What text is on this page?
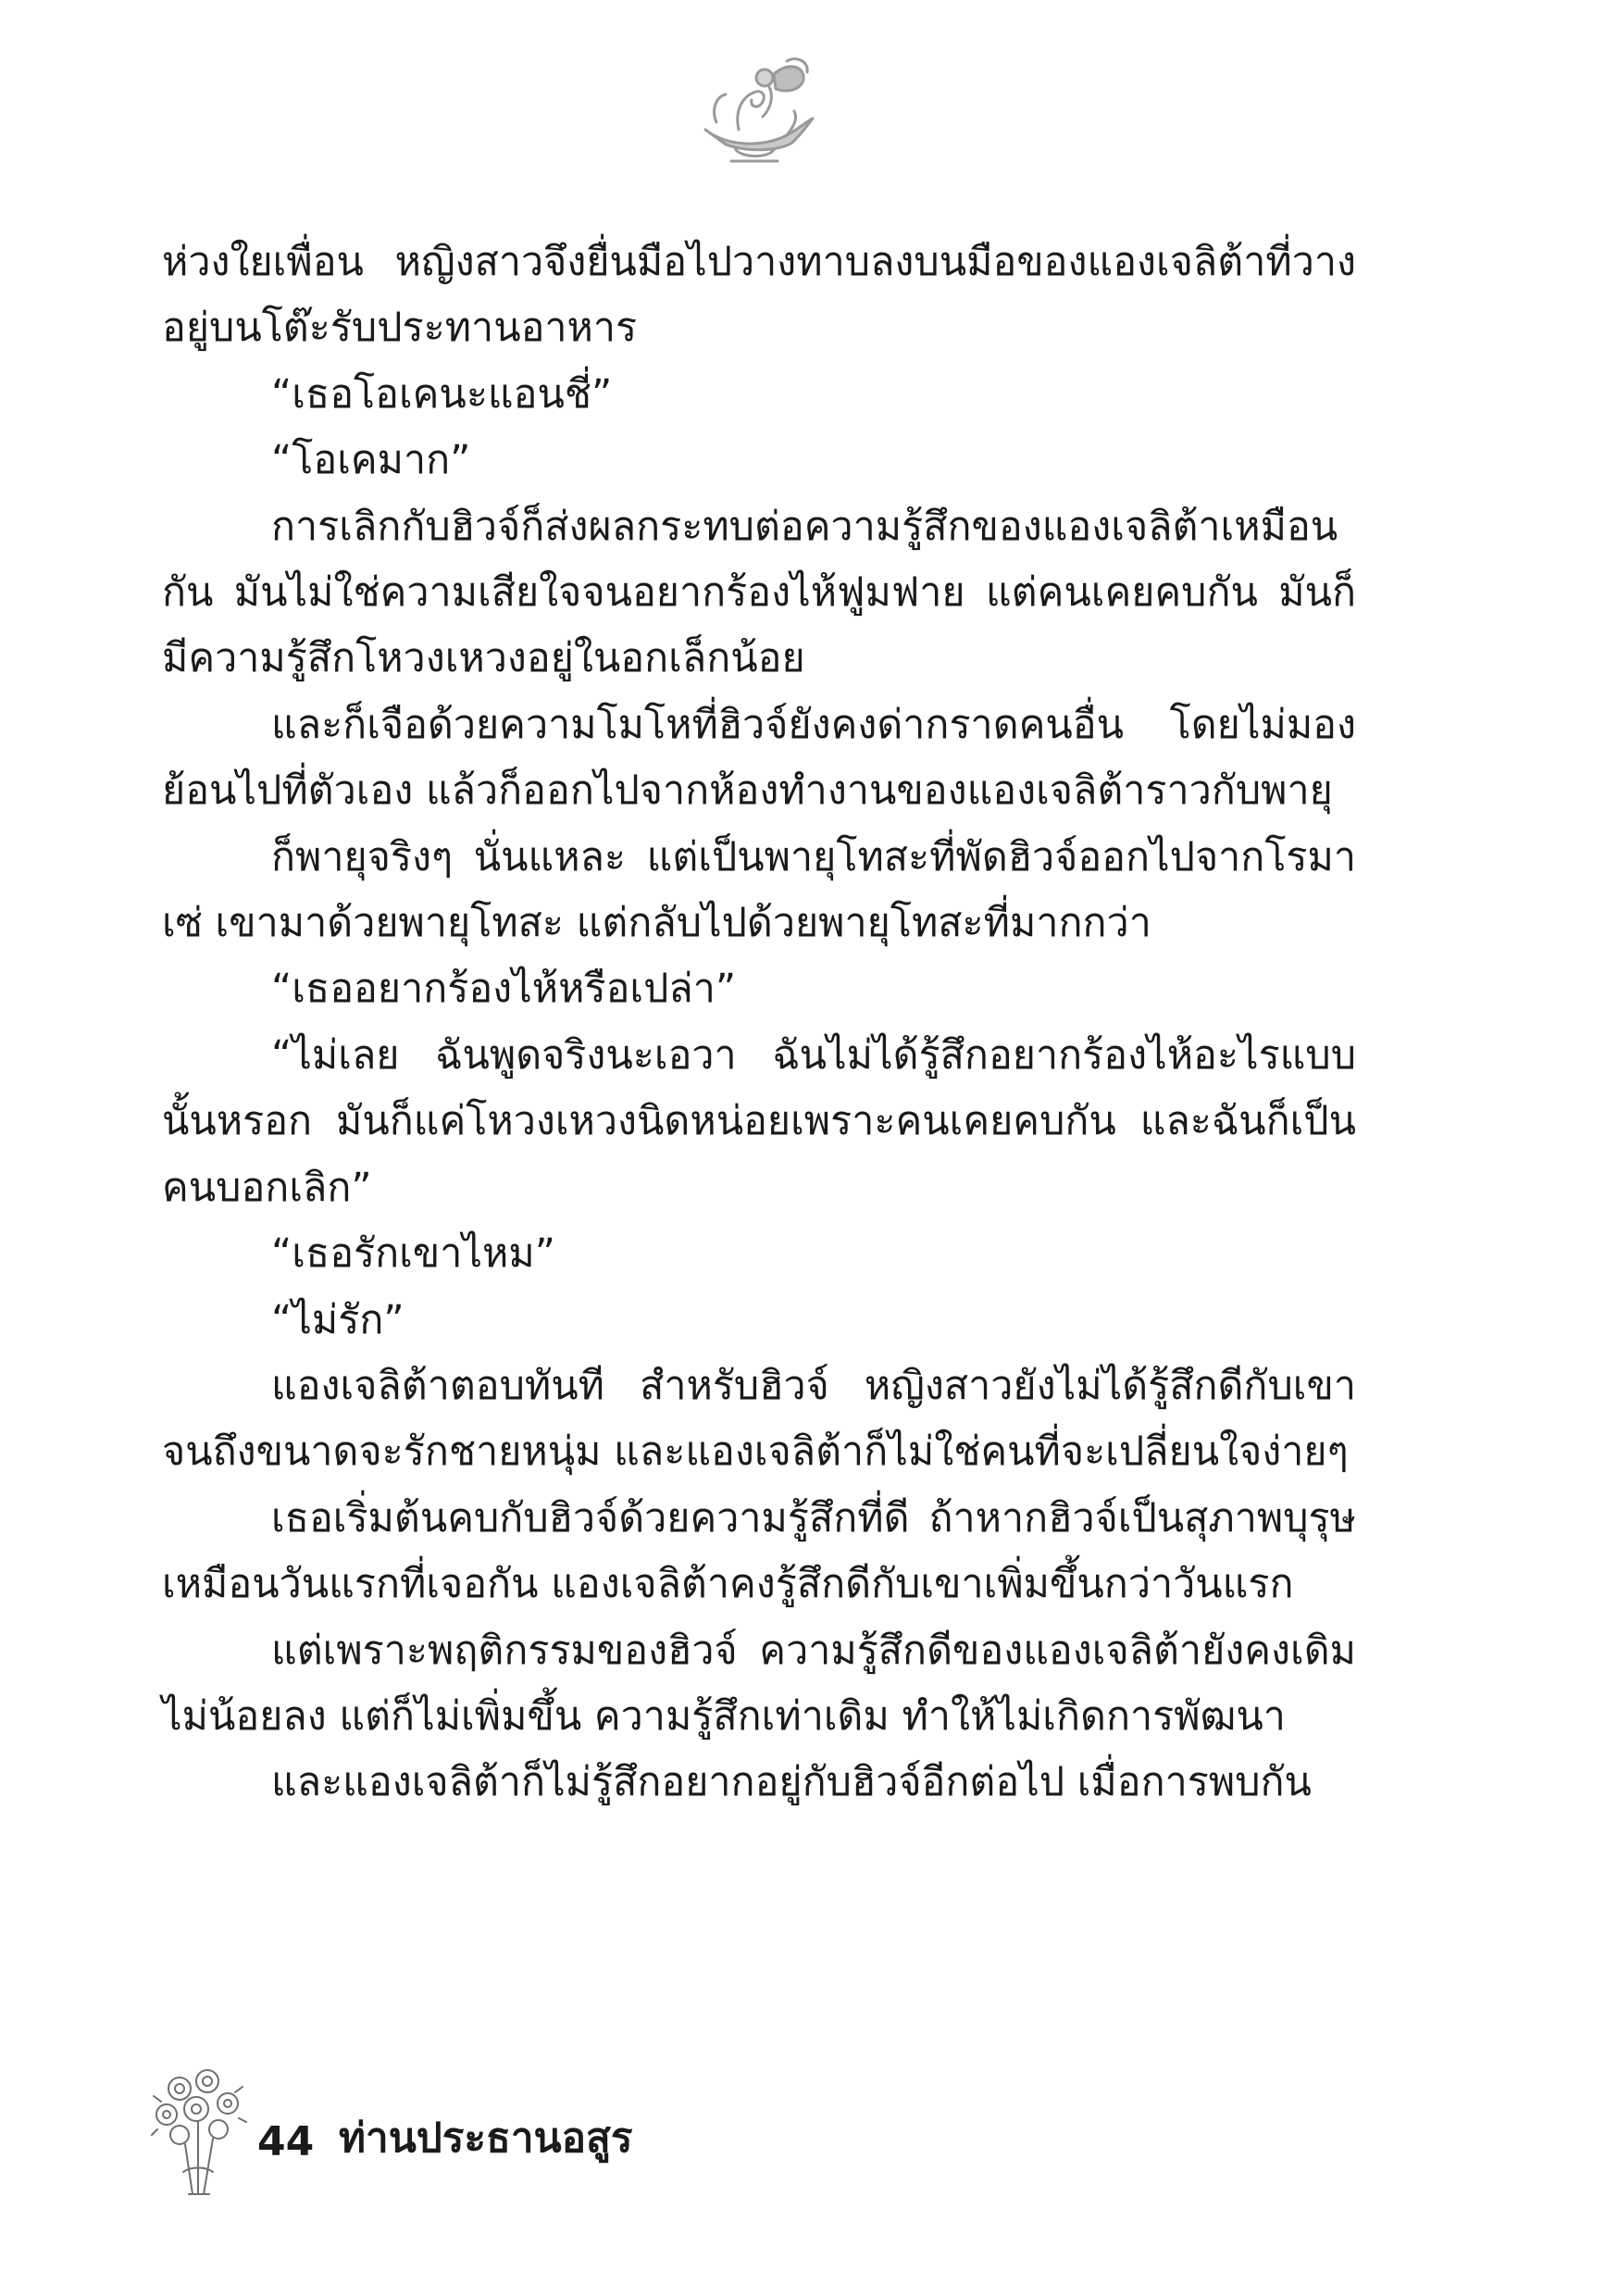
ห่วงใยเพื่อน หญิงสาวจึงยื่นมือไปวางทาบลงบนมือของแองเจลิต้าที่วางอยู่บนโต๊ะรับประทานอาหาร

“เธอโอเคนะแอนชี่”

“โอเคมาก”

การเลิกกับฮิวจ์ก็ส่งผลกระทบต่อความรู้สึกของแองเจลิต้าเหมือนกัน มันไม่ใช่ความเสียใจจนอยากร้องไห้ฟูมฟาย แต่คนเคยคบกัน มันก็มีความรู้สึกโหวงเหวงอยู่ในอกเล็กน้อย

และก็เจือด้วยความโมโหที่ฮิวจ์ยังคงด่ากราดคนอื่น โดยไม่มองย้อนไปที่ตัวเอง แล้วก็ออกไปจากห้องทำงานของแองเจลิต้าราวกับพายุ

ก็พายุจริงๆ นั่นแหละ แต่เป็นพายุโทสะที่พัดฮิวจ์ออกไปจากโรมาเซ่ เขามาด้วยพายุโทสะ แต่กลับไปด้วยพายุโทสะที่มากกว่า

“เธออยากร้องไห้หรือเปล่า”

“ไม่เลย ฉันพูดจริงนะเอวา ฉันไม่ได้รู้สึกอยากร้องไห้อะไรแบบนั้นหรอก มันก็แค่โหวงเหวงนิดหน่อยเพราะคนเคยคบกัน และฉันก็เป็นคนบอกเลิก”

“เธอรักเขาไหม”

“ไม่รัก”

แองเจลิต้าตอบทันที สำหรับฮิวจ์ หญิงสาวยังไม่ได้รู้สึกดีกับเขาจนถึงขนาดจะรักชายหนุ่ม และแองเจลิต้าก็ไม่ใช่คนที่จะเปลี่ยนใจง่ายๆ

เธอเริ่มต้นคบกับฮิวจ์ด้วยความรู้สึกที่ดี ถ้าหากฮิวจ์เป็นสุภาพบุรุษเหมือนวันแรกที่เจอกัน แองเจลิต้าคงรู้สึกดีกับเขาเพิ่มขึ้นกว่าวันแรก

แต่เพราะพฤติกรรมของฮิวจ์ ความรู้สึกดีของแองเจลิต้ายังคงเดิมไม่น้อยลง แต่ก็ไม่เพิ่มขึ้น ความรู้สึกเท่าเดิม ทำให้ไม่เกิดการพัฒนา

และแองเจลิต้าก็ไม่รู้สึกอยากอยู่กับฮิวจ์อีกต่อไป เมื่อการพบกัน

44 ท่านประธานอสูร
